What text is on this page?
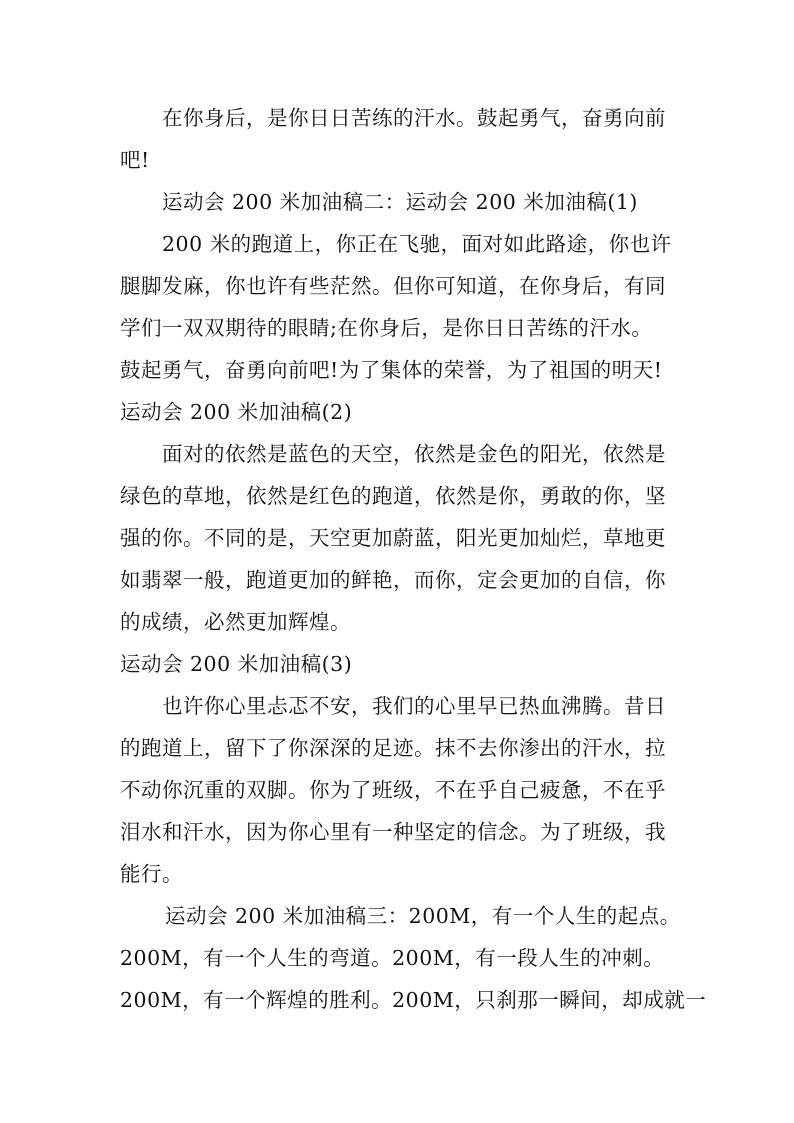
在你身后，是你日日苦练的汗水。鼓起勇气，奋勇向前
吧!
运动会 200 米加油稿二：运动会 200 米加油稿(1)
200 米的跑道上，你正在飞驰，面对如此路途，你也许
腿脚发麻，你也许有些茫然。但你可知道，在你身后，有同
学们一双双期待的眼睛;在你身后，是你日日苦练的汗水。
鼓起勇气，奋勇向前吧!为了集体的荣誉，为了祖国的明天!
运动会 200 米加油稿(2)
面对的依然是蓝色的天空，依然是金色的阳光，依然是
绿色的草地，依然是红色的跑道，依然是你，勇敢的你，坚
强的你。不同的是，天空更加蔚蓝，阳光更加灿烂，草地更
如翡翠一般，跑道更加的鲜艳，而你，定会更加的自信，你
的成绩，必然更加辉煌。
运动会 200 米加油稿(3)
也许你心里忐忑不安，我们的心里早已热血沸腾。昔日
的跑道上，留下了你深深的足迹。抹不去你渗出的汗水，拉
不动你沉重的双脚。你为了班级，不在乎自己疲惫，不在乎
泪水和汗水，因为你心里有一种坚定的信念。为了班级，我
能行。
运动会 200 米加油稿三：200M，有一个人生的起点。
200M，有一个人生的弯道。200M，有一段人生的冲刺。
200M，有一个辉煌的胜利。200M，只刹那一瞬间，却成就一
